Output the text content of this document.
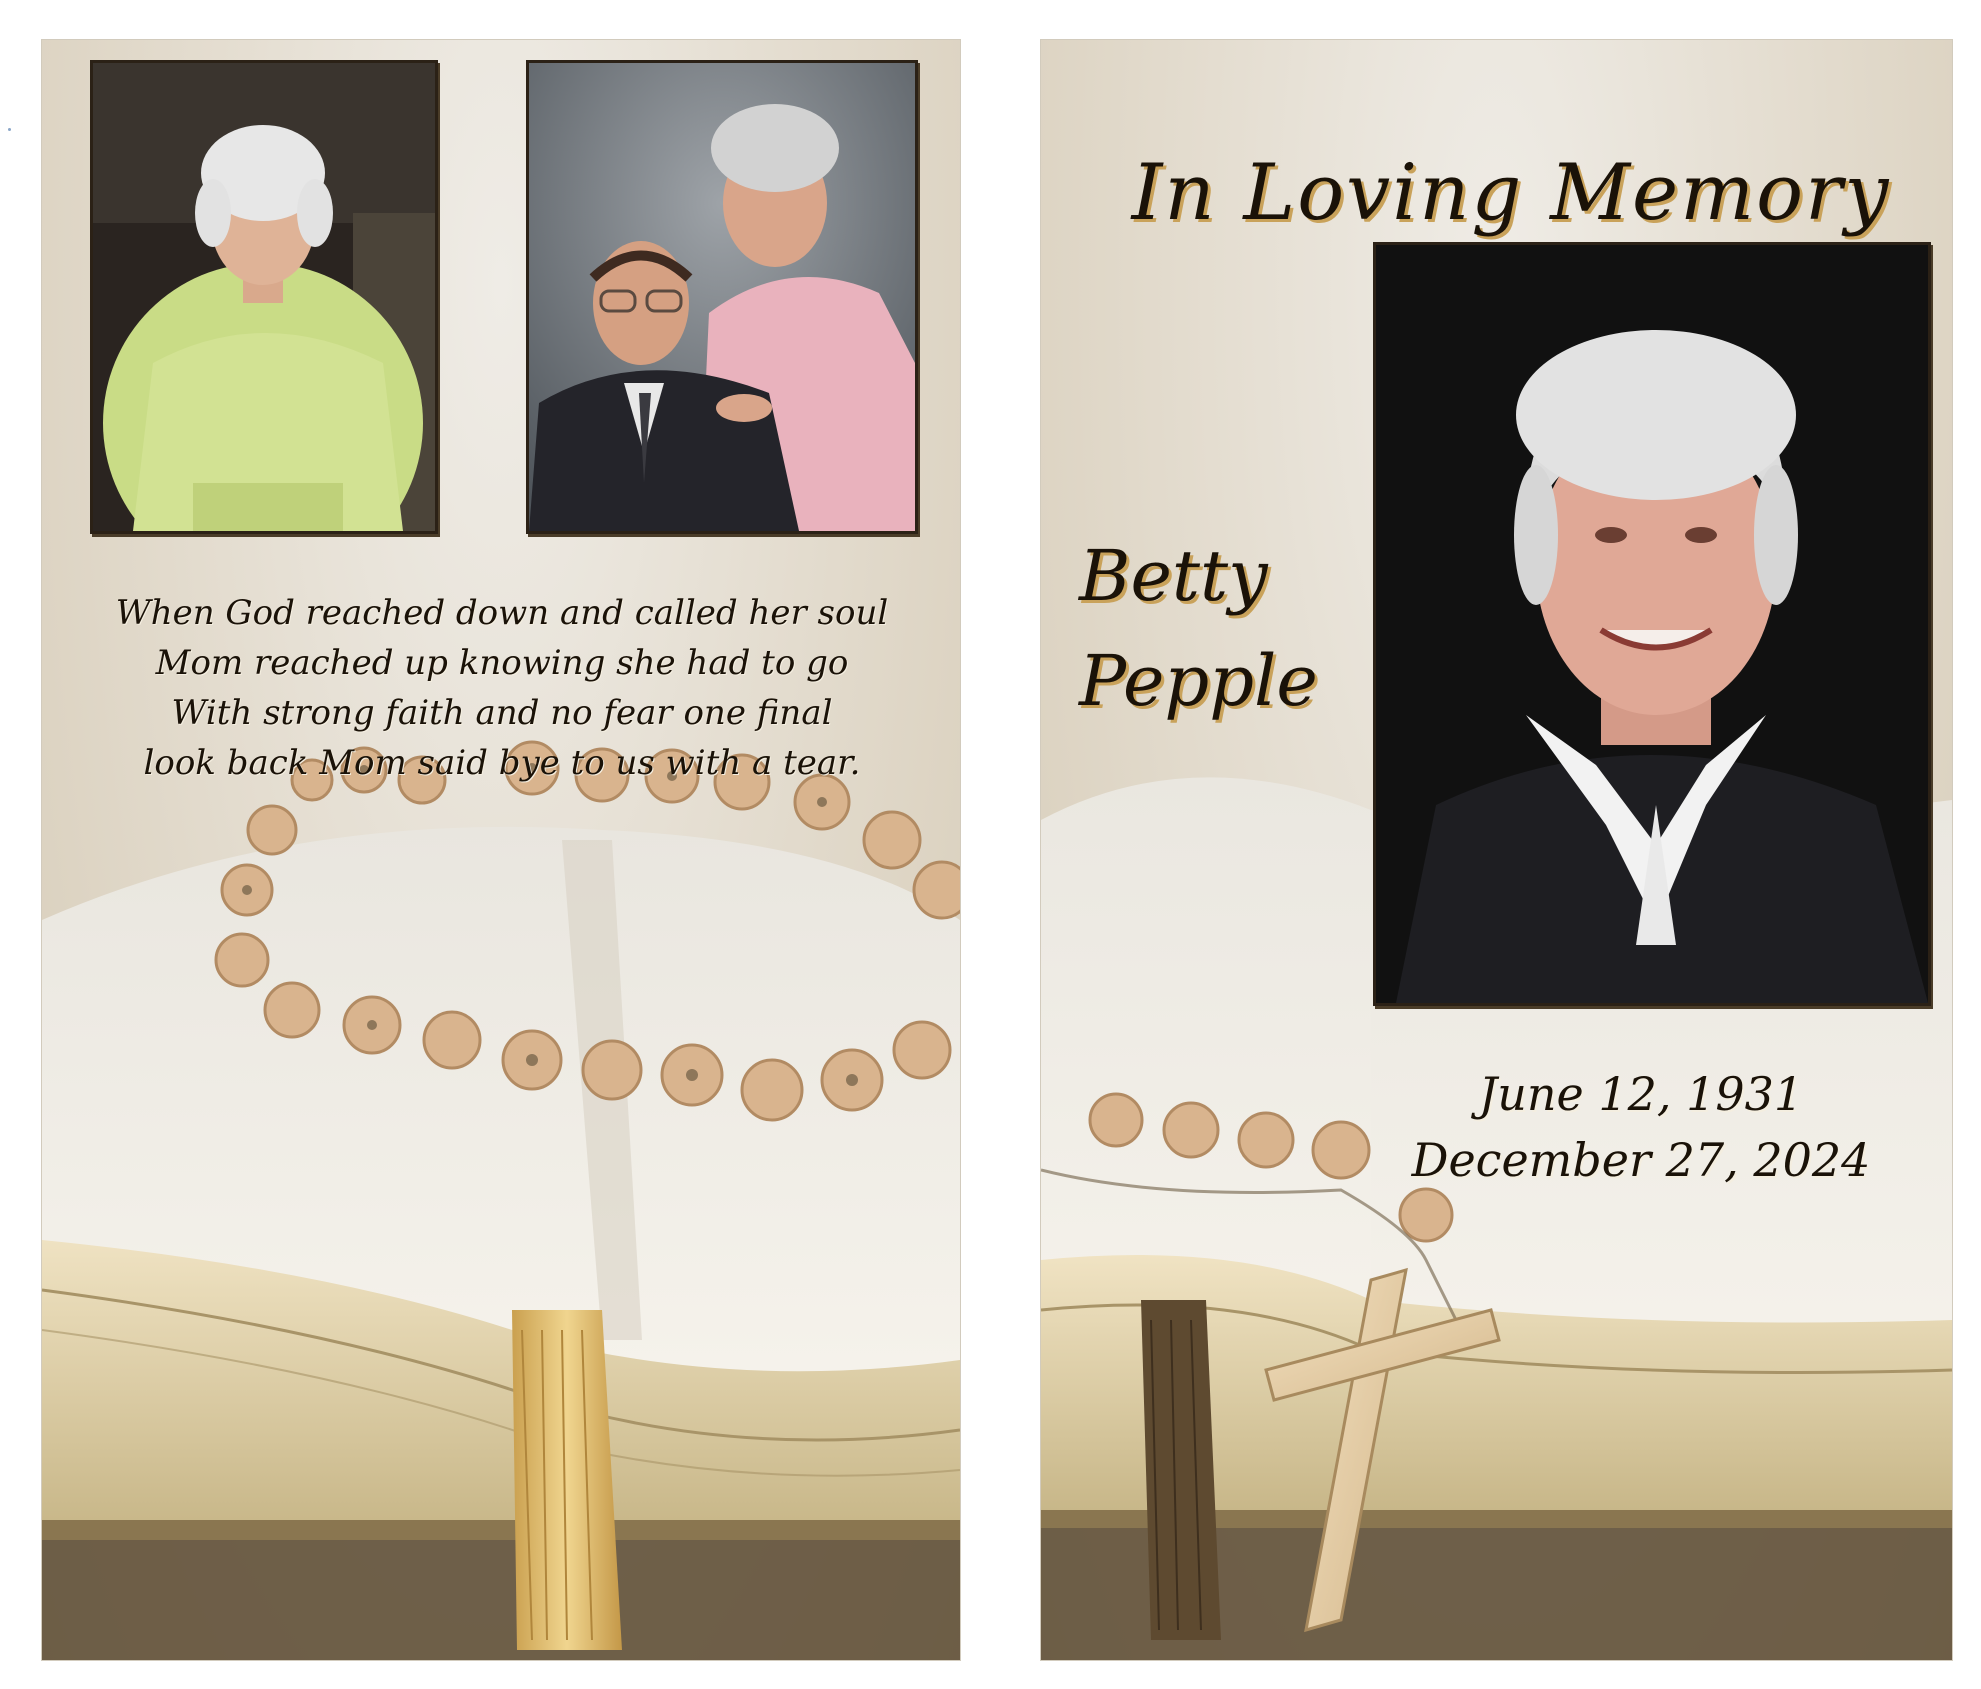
When God reached down and called her soul
Mom reached up knowing she had to go
With strong faith and no fear one final
look back Mom said bye to us with a tear.
In Loving Memory
Betty
Pepple
June 12, 1931
December 27, 2024
